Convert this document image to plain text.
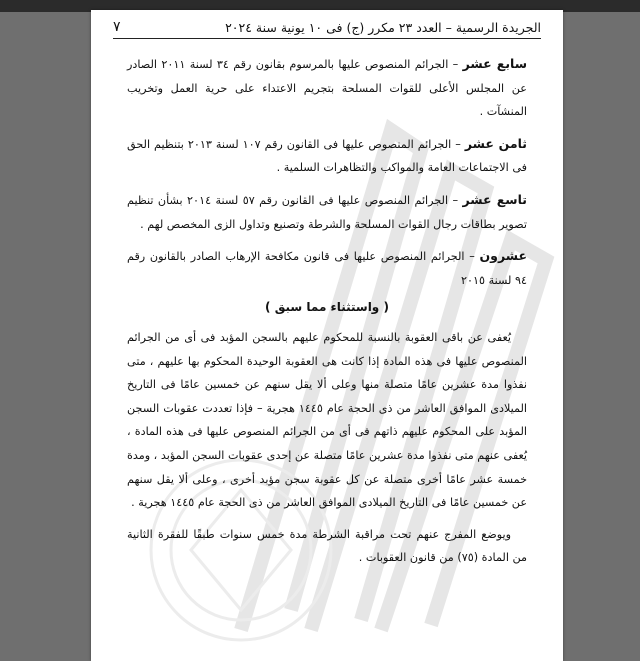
الجريدة الرسمية – العدد ٢٣ مكرر (ج) فى ١٠ يونية سنة ٢٠٢٤
٧

سابع عشر – الجرائم المنصوص عليها بالمرسوم بقانون رقم ٣٤ لسنة ٢٠١١ الصادر عن المجلس الأعلى للقوات المسلحة بتجريم الاعتداء على حرية العمل وتخريب المنشآت .

ثامن عشر – الجرائم المنصوص عليها فى القانون رقم ١٠٧ لسنة ٢٠١٣ بتنظيم الحق فى الاجتماعات العامة والمواكب والتظاهرات السلمية .

تاسع عشر – الجرائم المنصوص عليها فى القانون رقم ٥٧ لسنة ٢٠١٤ بشأن تنظيم تصوير بطاقات رجال القوات المسلحة والشرطة وتصنيع وتداول الزى المخصص لهم .

عشرون – الجرائم المنصوص عليها فى قانون مكافحة الإرهاب الصادر بالقانون رقم ٩٤ لسنة ٢٠١٥

( واستثناء مما سبق )

يُعفى عن باقى العقوبة بالنسبة للمحكوم عليهم بالسجن المؤبد فى أى من الجرائم المنصوص عليها فى هذه المادة إذا كانت هى العقوبة الوحيدة المحكوم بها عليهم ، متى نفذوا مدة عشرين عامًا متصلة منها وعلى ألا يقل سنهم عن خمسين عامًا فى التاريخ الميلادى الموافق العاشر من ذى الحجة عام ١٤٤٥ هجرية – فإذا تعددت عقوبات السجن المؤبد على المحكوم عليهم ذاتهم فى أى من الجرائم المنصوص عليها فى هذه المادة ، يُعفى عنهم متى نفذوا مدة عشرين عامًا متصلة عن إحدى عقوبات السجن المؤبد ، ومدة خمسة عشر عامًا أخرى متصلة عن كل عقوبة سجن مؤبد أخرى ، وعلى ألا يقل سنهم عن خمسين عامًا فى التاريخ الميلادى الموافق العاشر من ذى الحجة عام ١٤٤٥ هجرية .

ويوضع المفرج عنهم تحت مراقبة الشرطة مدة خمس سنوات طبقًا للفقرة الثانية من المادة (٧٥) من قانون العقوبات .
